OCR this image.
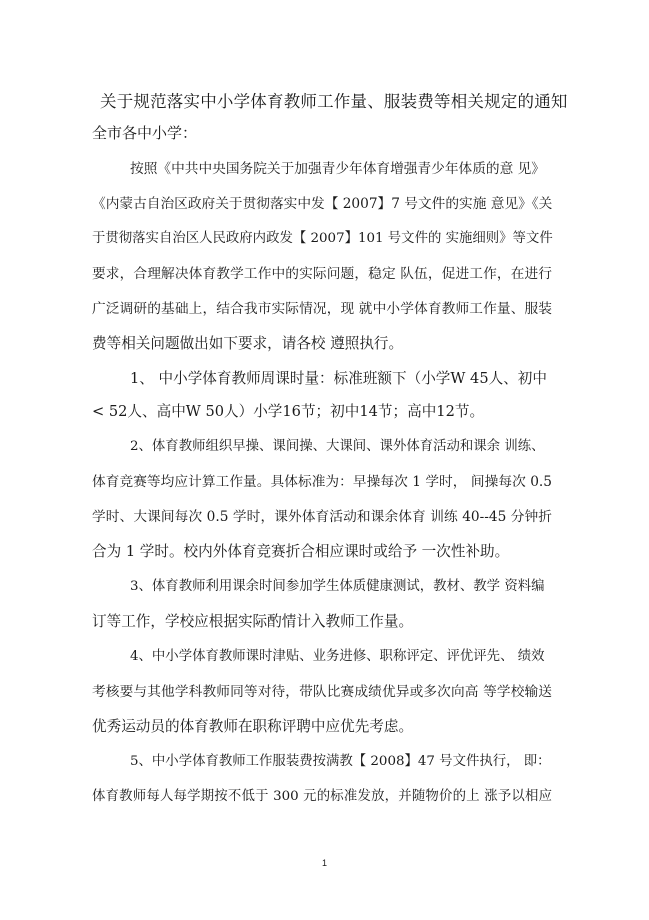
关于规范落实中小学体育教师工作量、服装费等相关规定的通知
全市各中小学：
按照《中共中央国务院关于加强青少年体育增强青少年体质的意 见》
《内蒙古自治区政府关于贯彻落实中发【 2007】7 号文件的实施 意见》《关
于贯彻落实自治区人民政府内政发【 2007】101 号文件的 实施细则》等文件
要求，合理解决体育教学工作中的实际问题，稳定 队伍，促进工作，在进行
广泛调研的基础上，结合我市实际情况，现 就中小学体育教师工作量、服装
费等相关问题做出如下要求，请各校 遵照执行。
1、 中小学体育教师周课时量：标准班额下（小学W 45人、初中
< 52人、高中W 50人）小学16节；初中14节；高中12节。
2、体育教师组织早操、课间操、大课间、课外体育活动和课余 训练、
体育竞赛等均应计算工作量。具体标准为：早操每次 1 学时， 间操每次 0.5
学时、大课间每次 0.5 学时，课外体育活动和课余体育 训练 40--45 分钟折
合为 1 学时。校内外体育竞赛折合相应课时或给予 一次性补助。
3、体育教师利用课余时间参加学生体质健康测试，教材、教学 资料编
订等工作，学校应根据实际酌情计入教师工作量。
4、中小学体育教师课时津贴、业务进修、职称评定、评优评先、 绩效
考核要与其他学科教师同等对待，带队比赛成绩优异或多次向高 等学校输送
优秀运动员的体育教师在职称评聘中应优先考虑。
5、中小学体育教师工作服装费按满教【 2008】47 号文件执行， 即：
体育教师每人每学期按不低于 300 元的标准发放，并随物价的上 涨予以相应
1
